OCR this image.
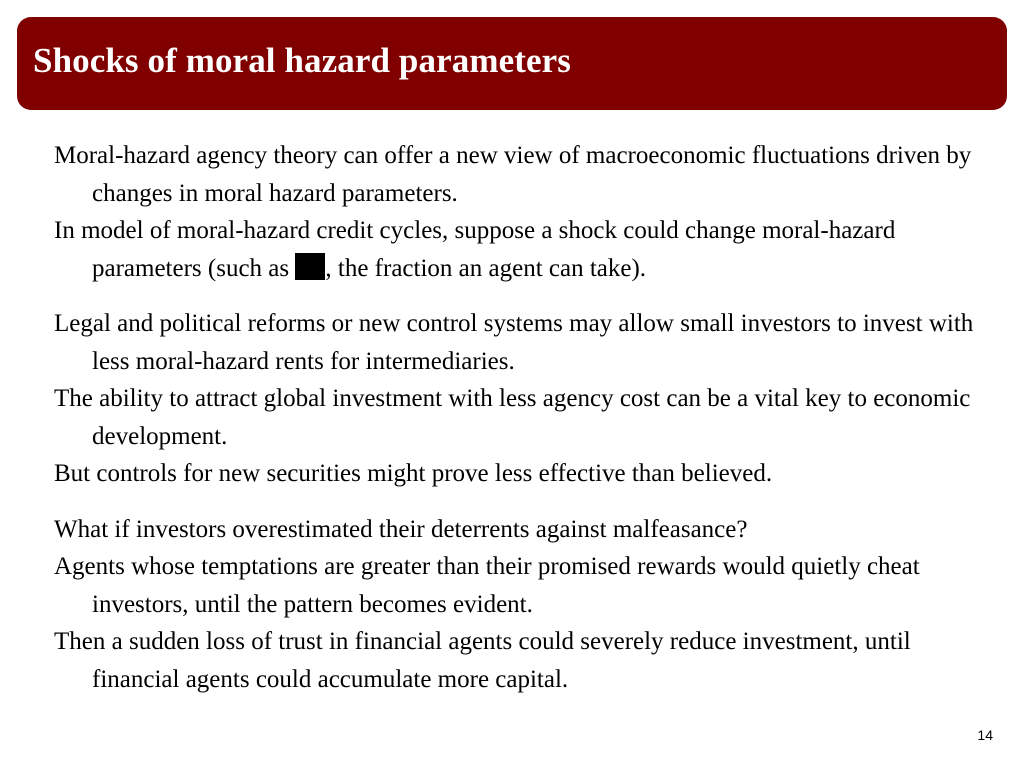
Shocks of moral hazard parameters

Moral-hazard agency theory can offer a new view of macroeconomic fluctuations driven by changes in moral hazard parameters.

In model of moral-hazard credit cycles, suppose a shock could change moral-hazard parameters (such as , the fraction an agent can take).

Legal and political reforms or new control systems may allow small investors to invest with less moral-hazard rents for intermediaries.

The ability to attract global investment with less agency cost can be a vital key to economic development.

But controls for new securities might prove less effective than believed.

What if investors overestimated their deterrents against malfeasance?

Agents whose temptations are greater than their promised rewards would quietly cheat investors, until the pattern becomes evident.

Then a sudden loss of trust in financial agents could severely reduce investment, until financial agents could accumulate more capital.

14
